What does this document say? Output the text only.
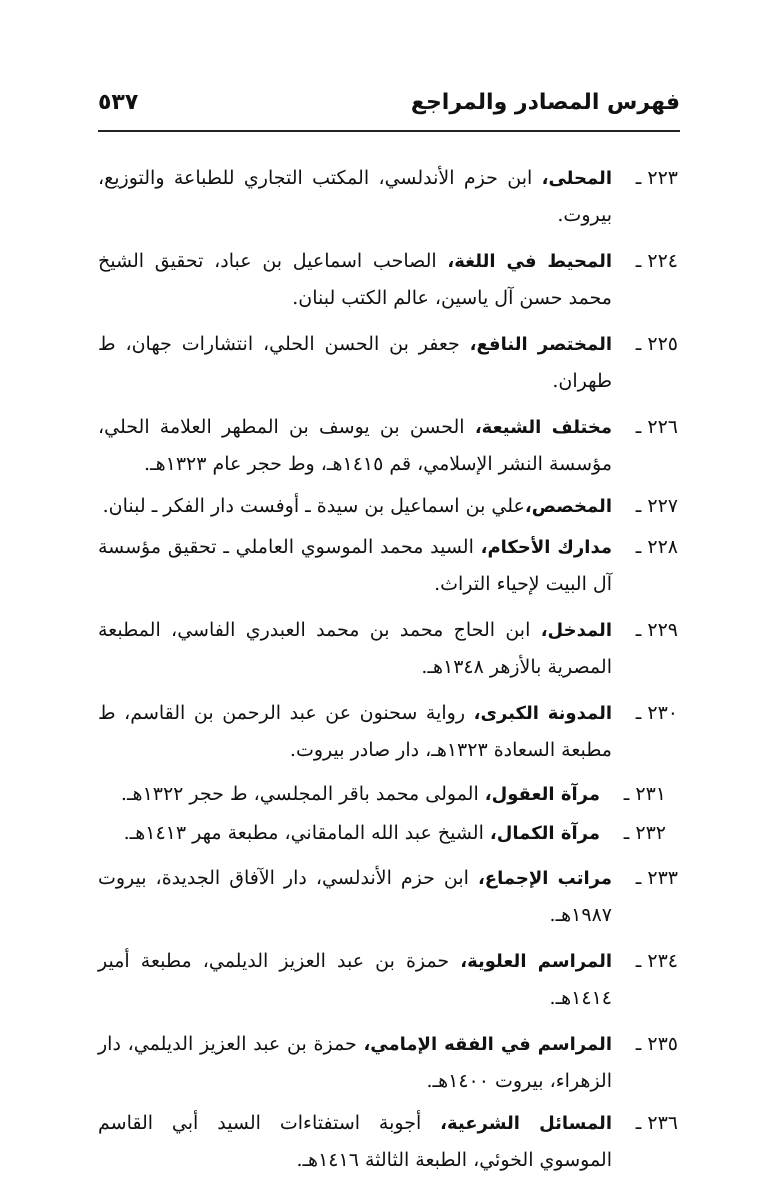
فهرس المصادر والمراجع
٥٣٧
٢٢٣ ـ
المحلى، ابن حزم الأندلسي، المكتب التجاري للطباعة والتوزيع، بيروت.
٢٢٤ ـ
المحيط في اللغة، الصاحب اسماعيل بن عباد، تحقيق الشيخ محمد حسن آل ياسين، عالم الكتب لبنان.
٢٢٥ ـ
المختصر النافع، جعفر بن الحسن الحلي، انتشارات جهان، ط طهران.
٢٢٦ ـ
مختلف الشيعة، الحسن بن يوسف بن المطهر العلامة الحلي، مؤسسة النشر الإسلامي، قم ١٤١٥هـ، وط حجر عام ١٣٢٣هـ.
٢٢٧ ـ
المخصص،علي بن اسماعيل بن سيدة ـ أوفست دار الفكر ـ لبنان.
٢٢٨ ـ
مدارك الأحكام، السيد محمد الموسوي العاملي ـ تحقيق مؤسسة آل البيت لإحياء التراث.
٢٢٩ ـ
المدخل، ابن الحاج محمد بن محمد العبدري الفاسي، المطبعة المصرية بالأزهر ١٣٤٨هـ.
٢٣٠ ـ
المدونة الكبرى، رواية سحنون عن عبد الرحمن بن القاسم، ط مطبعة السعادة ١٣٢٣هـ، دار صادر بيروت.
٢٣١ ـ
مرآة العقول، المولى محمد باقر المجلسي، ط حجر ١٣٢٢هـ.
٢٣٢ ـ
مرآة الكمال، الشيخ عبد الله المامقاني، مطبعة مهر ١٤١٣هـ.
٢٣٣ ـ
مراتب الإجماع، ابن حزم الأندلسي، دار الآفاق الجديدة، بيروت ١٩٨٧هـ.
٢٣٤ ـ
المراسم العلوية، حمزة بن عبد العزيز الديلمي، مطبعة أمير ١٤١٤هـ.
٢٣٥ ـ
المراسم في الفقه الإمامي، حمزة بن عبد العزيز الديلمي، دار الزهراء، بيروت ١٤٠٠هـ.
٢٣٦ ـ
المسائل الشرعية، أجوبة استفتاءات السيد أبي القاسم الموسوي الخوئي، الطبعة الثالثة ١٤١٦هـ.
